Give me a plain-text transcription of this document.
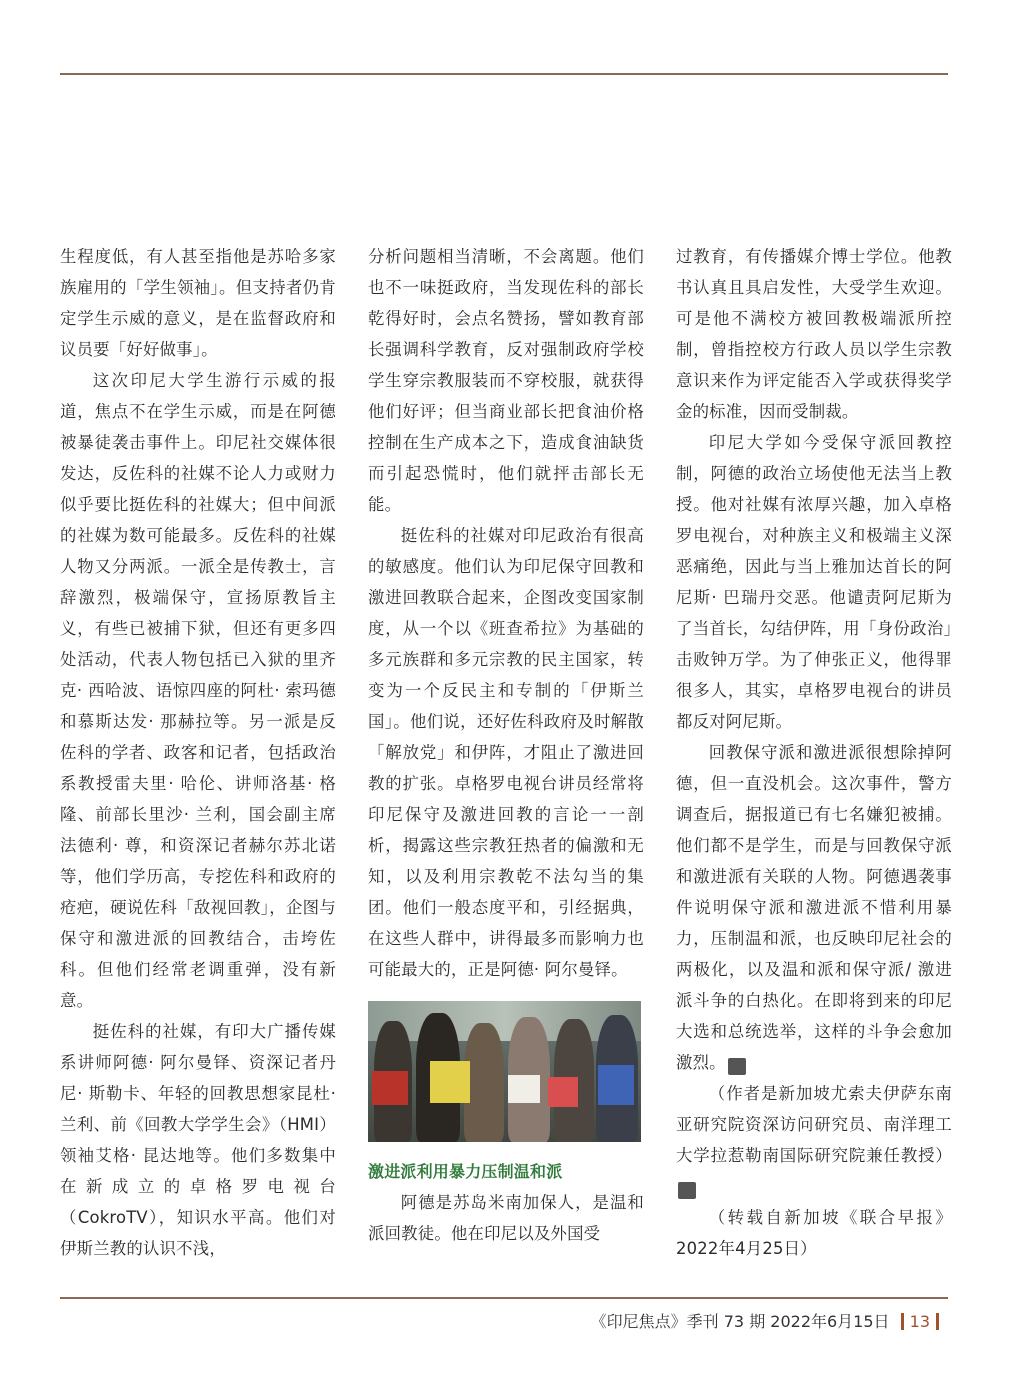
生程度低，有人甚至指他是苏哈多家族雇用的「学生领袖」。但支持者仍肯定学生示威的意义，是在监督政府和议员要「好好做事」。

这次印尼大学生游行示威的报道，焦点不在学生示威，而是在阿德被暴徒袭击事件上。印尼社交媒体很发达，反佐科的社媒不论人力或财力似乎要比挺佐科的社媒大；但中间派的社媒为数可能最多。反佐科的社媒人物又分两派。一派全是传教士，言辞激烈，极端保守，宣扬原教旨主义，有些已被捕下狱，但还有更多四处活动，代表人物包括已入狱的里齐克· 西哈波、语惊四座的阿杜· 索玛德和慕斯达发· 那赫拉等。另一派是反佐科的学者、政客和记者，包括政治系教授雷夫里· 哈伦、讲师洛基· 格隆、前部长里沙· 兰利，国会副主席法德利· 尊，和资深记者赫尔苏北诺等，他们学历高，专挖佐科和政府的疮疤，硬说佐科「敌视回教」，企图与保守和激进派的回教结合，击垮佐科。但他们经常老调重弹，没有新意。

挺佐科的社媒，有印大广播传媒系讲师阿德· 阿尔曼铎、资深记者丹尼· 斯勒卡、年轻的回教思想家昆杜· 兰利、前《回教大学学生会》（HMI）领袖艾格· 昆达地等。他们多数集中在新成立的卓格罗电视台（CokroTV），知识水平高。他们对伊斯兰教的认识不浅，

分析问题相当清晰，不会离题。他们也不一味挺政府，当发现佐科的部长乾得好时，会点名赞扬，譬如教育部长强调科学教育，反对强制政府学校学生穿宗教服装而不穿校服，就获得他们好评；但当商业部长把食油价格控制在生产成本之下，造成食油缺货而引起恐慌时，他们就抨击部长无能。

挺佐科的社媒对印尼政治有很高的敏感度。他们认为印尼保守回教和激进回教联合起来，企图改变国家制度，从一个以《班查希拉》为基础的多元族群和多元宗教的民主国家，转变为一个反民主和专制的「伊斯兰国」。他们说，还好佐科政府及时解散「解放党」和伊阵，才阻止了激进回教的扩张。卓格罗电视台讲员经常将印尼保守及激进回教的言论一一剖析，揭露这些宗教狂热者的偏激和无知，以及利用宗教乾不法勾当的集团。他们一般态度平和，引经据典，在这些人群中，讲得最多而影响力也可能最大的，正是阿德· 阿尔曼铎。

激进派利用暴力压制温和派

阿德是苏岛米南加保人，是温和派回教徒。他在印尼以及外国受

过教育，有传播媒介博士学位。他教书认真且具启发性，大受学生欢迎。可是他不满校方被回教极端派所控制，曾指控校方行政人员以学生宗教意识来作为评定能否入学或获得奖学金的标准，因而受制裁。

印尼大学如今受保守派回教控制，阿德的政治立场使他无法当上教授。他对社媒有浓厚兴趣，加入卓格罗电视台，对种族主义和极端主义深恶痛绝，因此与当上雅加达首长的阿尼斯· 巴瑞丹交恶。他谴责阿尼斯为了当首长，勾结伊阵，用「身份政治」击败钟万学。为了伸张正义，他得罪很多人，其实，卓格罗电视台的讲员都反对阿尼斯。

回教保守派和激进派很想除掉阿德，但一直没机会。这次事件，警方调查后，据报道已有七名嫌犯被捕。他们都不是学生，而是与回教保守派和激进派有关联的人物。阿德遇袭事件说明保守派和激进派不惜利用暴力，压制温和派，也反映印尼社会的两极化，以及温和派和保守派/ 激进派斗争的白热化。在即将到来的印尼大选和总统选举，这样的斗争会愈加激烈。	印

（作者是新加坡尤索夫伊萨东南亚研究院资深访问研究员、南洋理工大学拉惹勒南国际研究院兼任教授）印

（转载自新加坡《联合早报》2022年4月25日）

《印尼焦点》季刊 73 期 2022年6月15日 13
